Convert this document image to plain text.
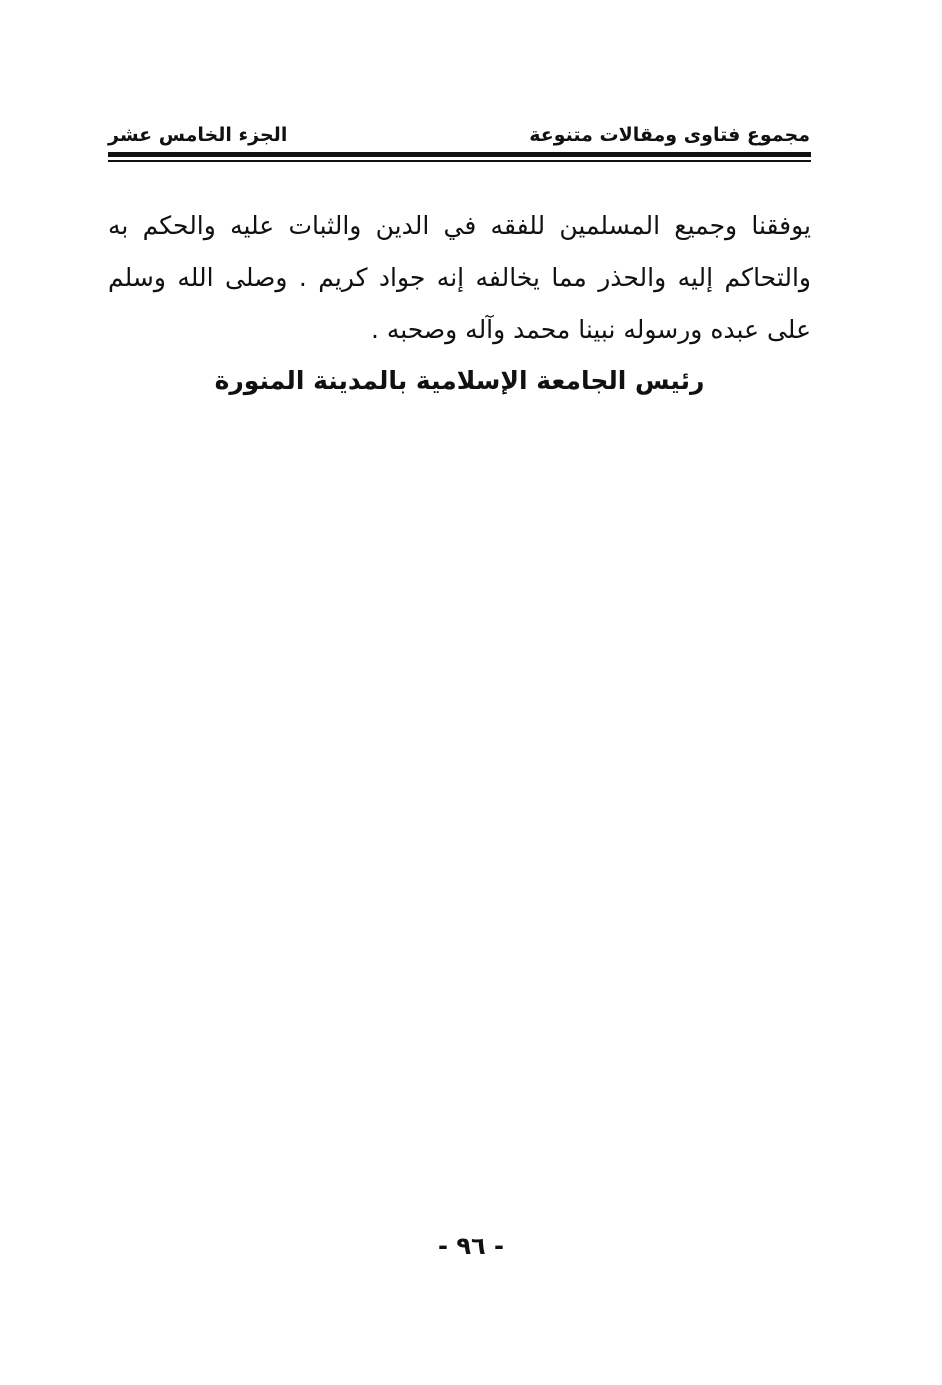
مجموع فتاوى ومقالات متنوعة
الجزء الخامس عشر

يوفقنا وجميع المسلمين للفقه في الدين والثبات عليه والحكم به والتحاكم إليه والحذر مما يخالفه إنه جواد كريم . وصلى الله وسلم على عبده ورسوله نبينا محمد وآله وصحبه .

رئيس الجامعة الإسلامية بالمدينة المنورة

- ٩٦ -
